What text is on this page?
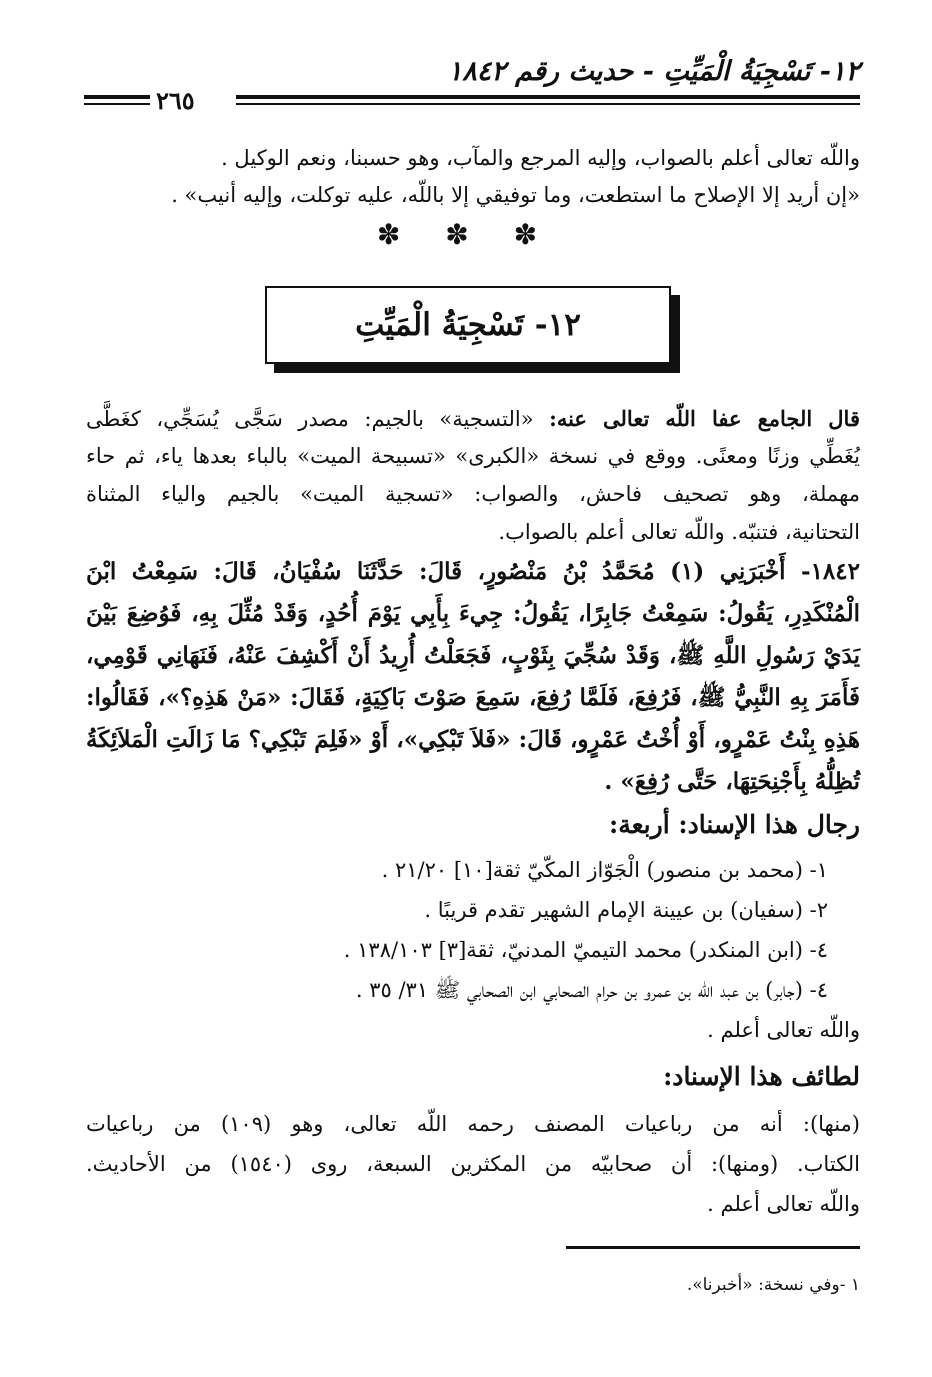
١٢- تَسْجِيَةُ الْمَيِّتِ - حديث رقم ١٨٤٢
٢٦٥
واللّه تعالى أعلم بالصواب، وإليه المرجع والمآب، وهو حسبنا، ونعم الوكيل .
«إن أريد إلا الإصلاح ما استطعت، وما توفيقي إلا باللّه، عليه توكلت، وإليه أنيب» .
✽ ✽ ✽
١٢- تَسْجِيَةُ الْمَيِّتِ
قال الجامع عفا اللّه تعالى عنه: «التسجية» بالجيم: مصدر سَجَّى يُسَجِّي، كغَطَّى
يُغَطِّي وزنًا ومعنًى. ووقع في نسخة «الكبرى» «تسبيحة الميت» بالباء بعدها ياء، ثم حاء
مهملة، وهو تصحيف فاحش، والصواب: «تسجية الميت» بالجيم والياء المثناة
التحتانية، فتنبّه. واللّه تعالى أعلم بالصواب.
١٨٤٢- أَخْبَرَنِي (١) مُحَمَّدُ بْنُ مَنْصُورٍ، قَالَ: حَدَّثَنَا سُفْيَانُ، قَالَ: سَمِعْتُ ابْنَ
الْمُنْكَدِرِ، يَقُولُ: سَمِعْتُ جَابِرًا، يَقُولُ: جِيءَ بِأَبِي يَوْمَ أُحُدٍ، وَقَدْ مُثِّلَ بِهِ، فَوُضِعَ بَيْنَ
يَدَيْ رَسُولِ اللَّهِ ﷺ، وَقَدْ سُجِّيَ بِثَوْبٍ، فَجَعَلْتُ أُرِيدُ أَنْ أَكْشِفَ عَنْهُ، فَنَهَانِي قَوْمِي،
فَأَمَرَ بِهِ النَّبِيُّ ﷺ، فَرُفِعَ، فَلَمَّا رُفِعَ، سَمِعَ صَوْتَ بَاكِيَةٍ، فَقَالَ: «مَنْ هَذِهِ؟»، فَقَالُوا:
هَذِهِ بِنْتُ عَمْرٍو، أَوْ أُخْتُ عَمْرٍو، قَالَ: «فَلاَ تَبْكِي»، أَوْ «فَلِمَ تَبْكِي؟ مَا زَالَتِ الْمَلاَئِكَةُ
تُظِلُّهُ بِأَجْنِحَتِهَا، حَتَّى رُفِعَ» .
رجال هذا الإسناد: أربعة:
١- (محمد بن منصور) الْجَوّاز المكّيّ ثقة[١٠] ٢١/٢٠ .
٢- (سفيان) بن عيينة الإمام الشهير تقدم قريبًا .
٤- (ابن المنكدر) محمد التيميّ المدنيّ، ثقة[٣] ١٣٨/١٠٣ .
٤- (جابر) بن عبد اللّه بن عمرو بن حرام الصحابي ابن الصحابي ﷺ ٣١/ ٣٥ .
واللّه تعالى أعلم .
لطائف هذا الإسناد:
(منها): أنه من رباعيات المصنف رحمه اللّه تعالى، وهو (١٠٩) من رباعيات
الكتاب. (ومنها): أن صحابيّه من المكثرين السبعة، روى (١٥٤٠) من الأحاديث.
واللّه تعالى أعلم .
١ -وفي نسخة: «أخبرنا».
